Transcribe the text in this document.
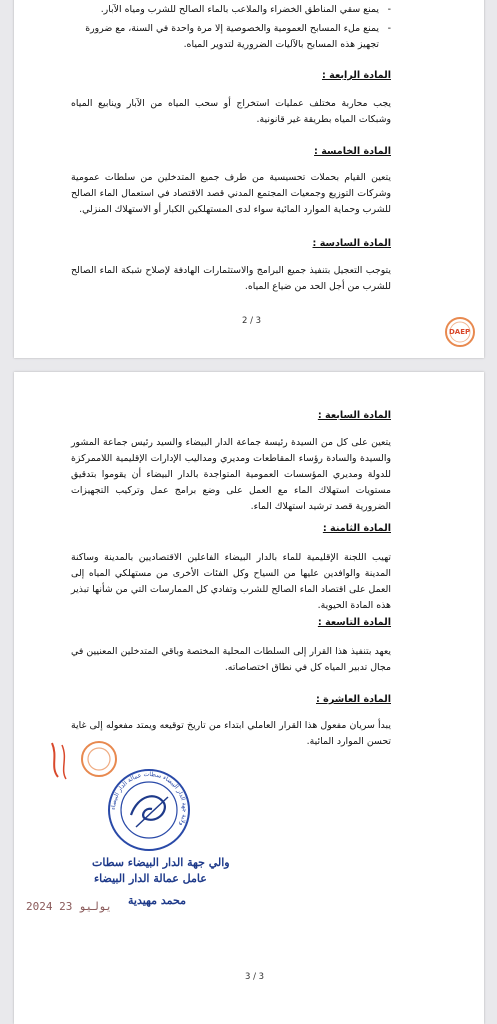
- يمنع سقي المناطق الخضراء والملاعب بالماء الصالح للشرب ومياه الآبار.
- يمنع ملء المسابح العمومية والخصوصية إلا مرة واحدة في السنة، مع ضرورة تجهيز هذه المسابح بالآليات الضرورية لتدوير المياه.
المادة الرابعة :
يجب محاربة مختلف عمليات استخراج أو سحب المياه من الآبار وينابيع المياه وشبكات المياه بطريقة غير قانونية.
المادة الخامسة :
يتعين القيام بحملات تحسيسية من طرف جميع المتدخلين من سلطات عمومية وشركات التوزيع وجمعيات المجتمع المدني قصد الاقتصاد في استعمال الماء الصالح للشرب وحماية الموارد المائية سواء لدى المستهلكين الكبار أو الاستهلاك المنزلي.
المادة السادسة :
يتوجب التعجيل بتنفيذ جميع البرامج والاستثمارات الهادفة لإصلاح شبكة الماء الصالح للشرب من أجل الحد من ضياع المياه.
2 / 3
DAEP
المادة السابعة :
يتعين على كل من السيدة رئيسة جماعة الدار البيضاء والسيد رئيس جماعة المشور والسيدة والسادة رؤساء المقاطعات ومديري ومداليب الإدارات الإقليمية اللاممركزة للدولة ومديري المؤسسات العمومية المتواجدة بالدار البيضاء أن يقوموا بتدقيق مستويات استهلاك الماء مع العمل على وضع برامج عمل وتركيب التجهيزات الضرورية قصد ترشيد استهلاك الماء.
المادة الثامنة :
تهيب اللجنة الإقليمية للماء بالدار البيضاء الفاعلين الاقتصاديين بالمدينة وساكنة المدينة والوافدين عليها من السياح وكل الفئات الأخرى من مستهلكي المياه إلى العمل على اقتصاد الماء الصالح للشرب وتفادي كل الممارسات التي من شأنها تبذير هذه المادة الحيوية.
المادة التاسعة :
يعهد بتنفيذ هذا القرار إلى السلطات المحلية المختصة وباقي المتدخلين المعنيين في مجال تدبير المياه كل في نطاق اختصاصاته.
المادة العاشرة :
يبدأ سريان مفعول هذا القرار العاملي ابتداء من تاريخ توقيعه ويمتد مفعوله إلى غاية تحسن الموارد المائية.
ولاية جهة الدار البيضاء سطات عمالة الدار البيضاء
والي جهة الدار البيضاء سطات
عامل عمالة الدار البيضاء
محمد مهيدية
2024 يوليو 23
3 / 3
